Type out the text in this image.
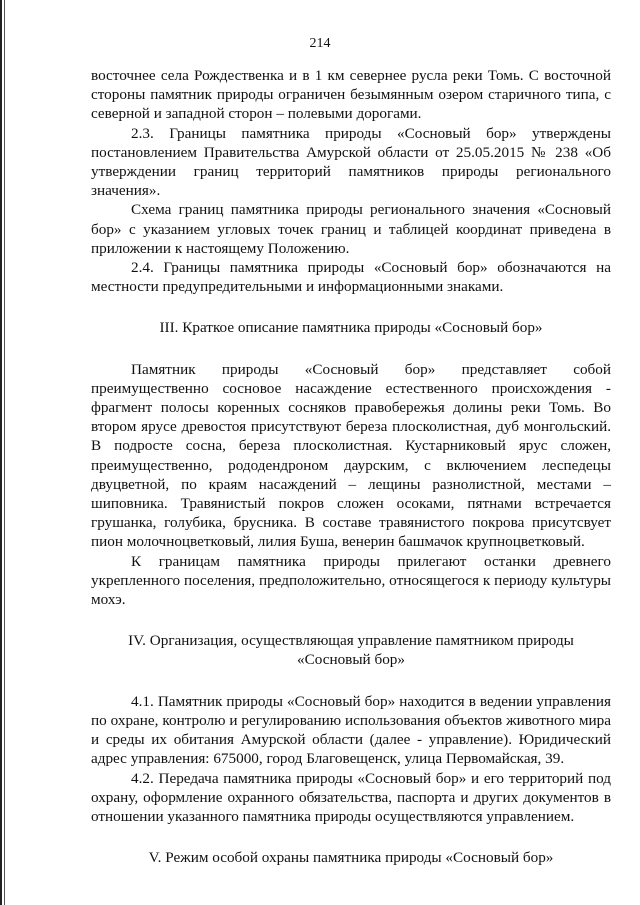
214

восточнее села Рождественка и в 1 км севернее русла реки Томь. С восточной стороны памятник природы ограничен безымянным озером старичного типа, с северной и западной сторон – полевыми дорогами.

2.3. Границы памятника природы «Сосновый бор» утверждены постановлением Правительства Амурской области от 25.05.2015 № 238 «Об утверждении границ территорий памятников природы регионального значения».

Схема границ памятника природы регионального значения «Сосновый бор» с указанием угловых точек границ и таблицей координат приведена в приложении к настоящему Положению.

2.4. Границы памятника природы «Сосновый бор» обозначаются на местности предупредительными и информационными знаками.

III. Краткое описание памятника природы «Сосновый бор»

Памятник природы «Сосновый бор» представляет собой преимущественно сосновое насаждение естественного происхождения - фрагмент полосы коренных сосняков правобережья долины реки Томь. Во втором ярусе древостоя присутствуют береза плосколистная, дуб монгольский. В подросте сосна, береза плосколистная. Кустарниковый ярус сложен, преимущественно, рододендроном даурским, с включением леспедецы двуцветной, по краям насаждений – лещины разнолистной, местами – шиповника. Травянистый покров сложен осоками, пятнами встречается грушанка, голубика, брусника. В составе травянистого покрова присутсвует пион молочноцветковый, лилия Буша, венерин башмачок крупноцветковый.

К границам памятника природы прилегают останки древнего укрепленного поселения, предположительно, относящегося к периоду культуры мохэ.

IV. Организация, осуществляющая управление памятником природы

«Сосновый бор»

4.1. Памятник природы «Сосновый бор» находится в ведении управления по охране, контролю и регулированию использования объектов животного мира и среды их обитания Амурской области (далее - управление). Юридический адрес управления: 675000, город Благовещенск, улица Первомайская, 39.

4.2. Передача памятника природы «Сосновый бор» и его территорий под охрану, оформление охранного обязательства, паспорта и других документов в отношении указанного памятника природы осуществляются управлением.

V. Режим особой охраны памятника природы «Сосновый бор»
